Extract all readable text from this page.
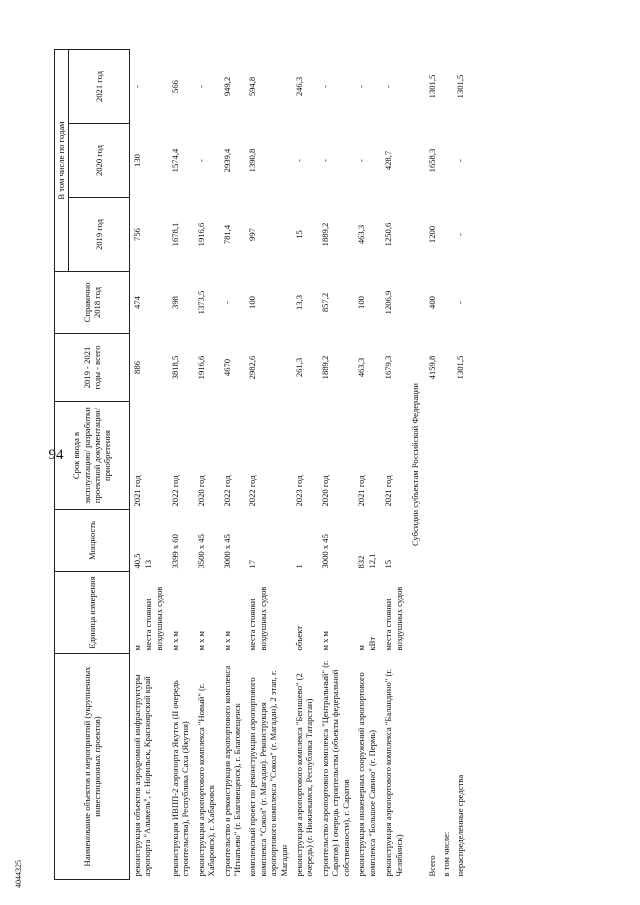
94
4044325
Наименование объектов и мероприятий (укрупненных инвестиционных проектов)	Единица измерения	Мощность	Срок ввода в эксплуатацию/ разработки проектной документации/ приобретения	2019 - 2021 годы - всего	Справочно 2018 год	В том числе по годам		
						2019 год	2020 год	2021 год
реконструкция объектов аэродромной инфраструктуры аэропорта "Алыкель", г. Норильск, Красноярский край	м места стоянки воздушных судов	40,5 13	2021 год	886	474	756	130	-
реконструкция ИВПП-2 аэропорта Якутск (II очередь строительства), Республика Саха (Якутия)	м x м	3399 x 60	2022 год	3818,5	398	1678,1	1574,4	566
реконструкция аэропортового комплекса "Новый" (г. Хабаровск), г. Хабаровск	м x м	3500 x 45	2020 год	1916,6	1373,5	1916,6	-	-
строительство и реконструкция аэропортового комплекса "Игнатьево" (г. Благовещенск), г. Благовещенск	м x м	3000 x 45	2022 год	4670	-	781,4	2939,4	949,2
комплексный проект по реконструкции аэропортового комплекса "Сокол" (г. Магадан). Реконструкция аэропортового комплекса "Сокол" (г. Магадан), 2 этап, г. Магадан	места стоянки воздушных судов	17	2022 год	2982,6	100	997	1390,8	594,8
реконструкция аэропортового комплекса "Бегишево" (2 очередь) (г. Нижнекамск, Республика Татарстан)	объект	1	2023 год	261,3	13,3	15	-	246,3
строительство аэропортового комплекса "Центральный" (г. Саратов) I очередь строительства (объекты федеральной собственности), г. Саратов	м x м	3000 x 45	2020 год	1889,2	857,2	1889,2	-	-
реконструкция инженерных сооружений аэропортового комплекса "Большое Савино" (г. Пермь)	м кВт	832 12,1	2021 год	463,3	100	463,3	-	-
реконструкция аэропортового комплекса "Баландино" (г. Челябинск)	места стоянки воздушных судов	15	2021 год	1679,3	1206,9	1250,6	428,7	-
Субсидии субъектам Российской Федерации								
Всего				4159,8	400	1200	1658,3	1301,5
в том числе:								
нераспределенные средства				1301,5	-	-	-	1301,5
